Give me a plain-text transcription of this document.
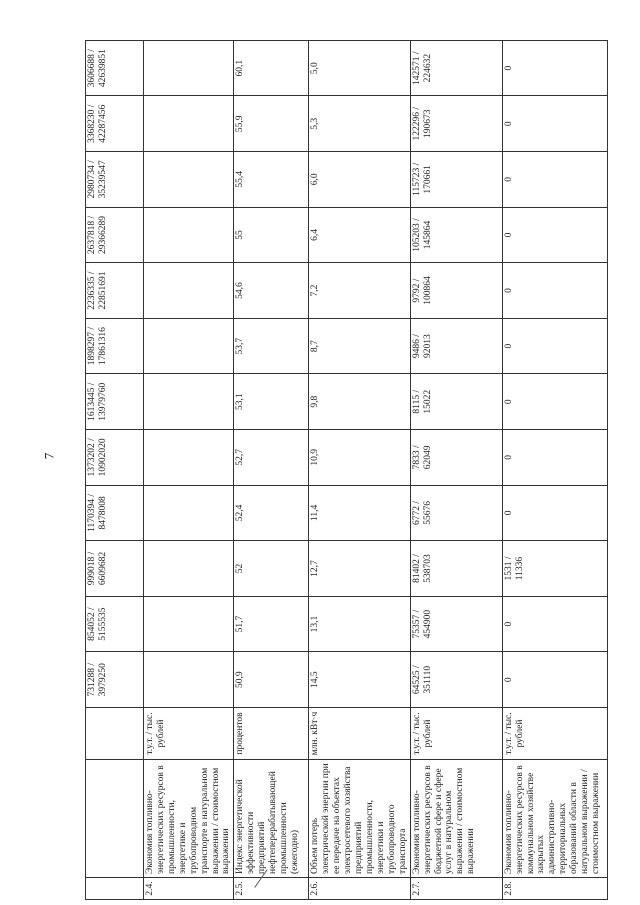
7
			731288 / 3979250	854052 / 5155535	999018 / 6609682	1170394 / 8478008	1373202 / 10902020	1613445 / 13979760	1898297 / 17861316	2236335 / 22851691	2637818 / 29366289	2980734 / 35239547	3368230 / 42287456	3606688 / 42639851
2.4.	Экономия топливно-энергетических ресурсов в промышленности, энергетике и трубопроводном транспорте в натуральном выражении / стоимостном выражении	т.у.т. / тыс. рублей												
2.5.	Индекс энергетической эффективности предприятий нефтеперерабатывающей промышленности (ежегодно)	процентов	50,9	51,7	52	52,4	52,7	53,1	53,7	54,6	55	55,4	55,9	60,1
2.6.	Объем потерь электрической энергии при ее передаче на объектах электросетевого хозяйства предприятий промышленности, энергетики и трубопроводного транспорта	млн. кВт·ч	14,5	13,1	12,7	11,4	10,9	9,8	8,7	7,2	6,4	6,0	5,3	5,0
2.7.	Экономия топливно-энергетических ресурсов в бюджетной сфере и сфере услуг в натуральном выражении / стоимостном выражении	т.у.т. / тыс. рублей	64525 / 351110	75357 / 454900	81402 / 538703	6772 / 55676	7833 / 62049	8115 / 15022	9486 / 92013	9792 / 100864	105203 / 145864	115723 / 170661	122296 / 190673	142571 / 224632
2.8.	Экономия топливно-энергетических ресурсов в коммунальном хозяйстве закрытых административно-территориальных образований области в натуральном выражении / стоимостном выражении	т.у.т. / тыс. рублей	0	0	1531 / 11336	0	0	0	0	0	0	0	0	0
